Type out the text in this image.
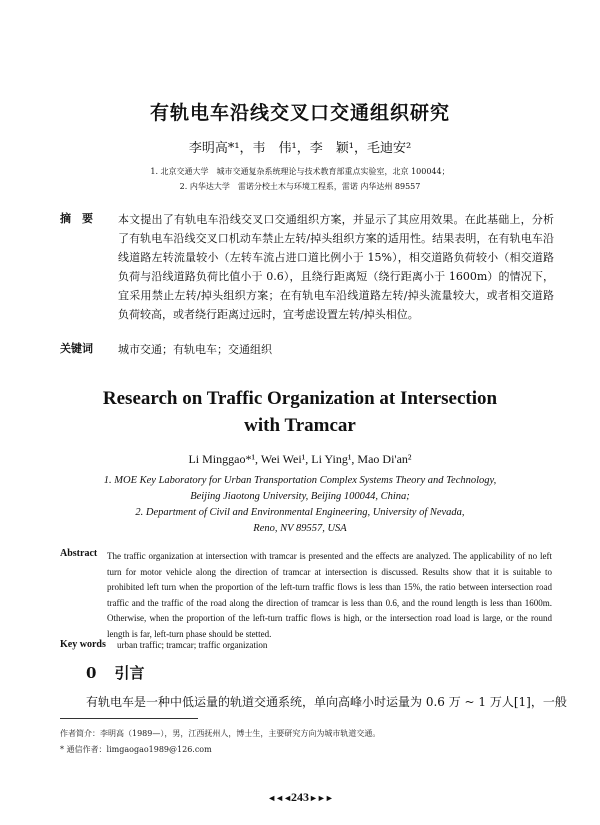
有轨电车沿线交叉口交通组织研究
李明高*¹，韦　伟¹，李　颖¹，毛迪安²
1. 北京交通大学　城市交通复杂系统理论与技术教育部重点实验室，北京 100044；
2. 内华达大学　雷诺分校土木与环境工程系，雷诺 内华达州 89557
摘　要 本文提出了有轨电车沿线交叉口交通组织方案，并显示了其应用效果。在此基础上，分析了有轨电车沿线交叉口机动车禁止左转/掉头组织方案的适用性。结果表明，在有轨电车沿线道路左转流量较小（左转车流占进口道比例小于 15%），相交道路负荷较小（相交道路负荷与沿线道路负荷比值小于 0.6），且绕行距离短（绕行距离小于 1600m）的情况下，宜采用禁止左转/掉头组织方案；在有轨电车沿线道路左转/掉头流量较大，或者相交道路负荷较高，或者绕行距离过远时，宜考虑设置左转/掉头相位。
关键词 城市交通；有轨电车；交通组织
Research on Traffic Organization at Intersection
with Tramcar
Li Minggao*¹, Wei Wei¹, Li Ying¹, Mao Di'an²
1. MOE Key Laboratory for Urban Transportation Complex Systems Theory and Technology,
Beijing Jiaotong University, Beijing 100044, China;
2. Department of Civil and Environmental Engineering, University of Nevada,
Reno, NV 89557, USA
Abstract The traffic organization at intersection with tramcar is presented and the effects are analyzed. The applicability of no left turn for motor vehicle along the direction of tramcar at intersection is discussed. Results show that it is suitable to prohibited left turn when the proportion of the left-turn traffic flows is less than 15%, the ratio between intersection road traffic and the traffic of the road along the direction of tramcar is less than 0.6, and the round length is less than 1600m. Otherwise, when the proportion of the left-turn traffic flows is high, or the intersection road load is large, or the round length is far, left-turn phase should be stetted.
Key words urban traffic; tramcar; traffic organization
0 引言
有轨电车是一种中低运量的轨道交通系统，单向高峰小时运量为 0.6 万 ~ 1 万人[1]，一般
作者简介：李明高（1989—），男，江西抚州人，博士生，主要研究方向为城市轨道交通。
* 通信作者：limgaogao1989@126.com
◄◄◄243►►►
